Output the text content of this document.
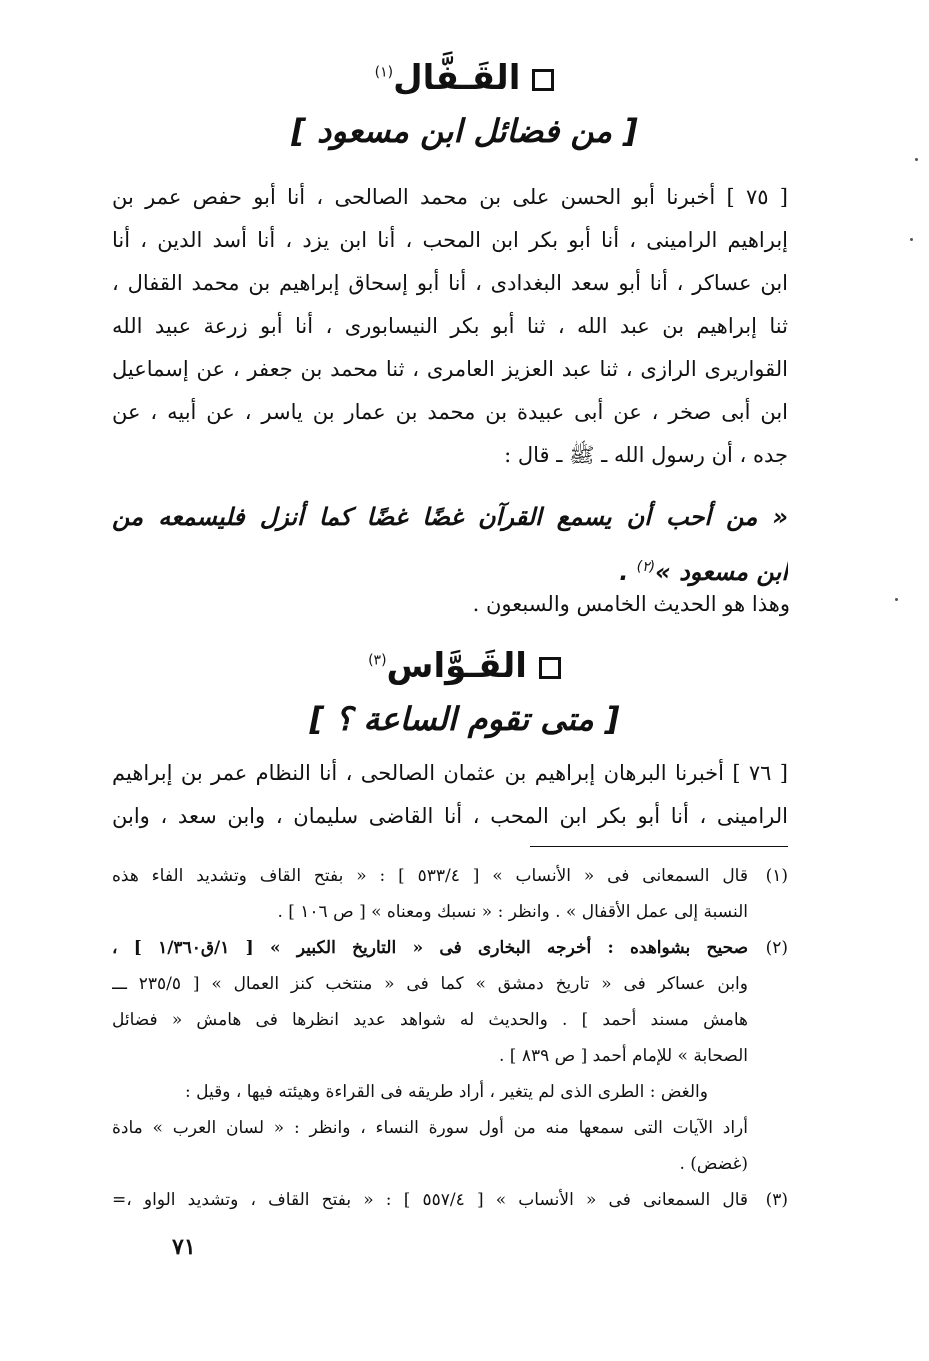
القَـفَّال$^{(١)}$
[ من فضائل ابن مسعود ]
[ ٧٥ ] أخبرنا أبو الحسن على بن محمد الصالحى ، أنا أبو حفص عمر بن
إبراهيم الرامينى ، أنا أبو بكر ابن المحب ، أنا ابن يزد ، أنا أسد الدين ، أنا
ابن عساكر ، أنا أبو سعد البغدادى ، أنا أبو إسحاق إبراهيم بن محمد القفال ،
ثنا إبراهيم بن عبد الله ، ثنا أبو بكر النيسابورى ، أنا أبو زرعة عبيد الله
القواريرى الرازى ، ثنا عبد العزيز العامرى ، ثنا محمد بن جعفر ، عن إسماعيل
ابن أبى صخر ، عن أبى عبيدة بن محمد بن عمار بن ياسر ، عن أبيه ، عن
جده ، أن رسول الله ـ ﷺ ـ قال :
« من أحب أن يسمع القرآن غضًا غضًا كما أنزل فليسمعه من
ابن مسعود »$^{(٢)}$ .
وهذا هو الحديث الخامس والسبعون .
القَـوَّاس$^{(٣)}$
[ متى تقوم الساعة ؟ ]
[ ٧٦ ] أخبرنا البرهان إبراهيم بن عثمان الصالحى ، أنا النظام عمر بن إبراهيم
الرامينى ، أنا أبو بكر ابن المحب ، أنا القاضى سليمان ، وابن سعد ، وابن
(١)قال السمعانى فى « الأنساب » [ ٥٣٣/٤ ] : « بفتح القاف وتشديد الفاء هذه
النسبة إلى عمل الأقفال » . وانظر : « نسبك ومعناه » [ ص ١٠٦ ] .
(٢)صحيح بشواهده : أخرجه البخارى فى « التاريخ الكبير » [ ١/ق١/٣٦٠ ] ،
وابن عساكر فى « تاريخ دمشق » كما فى « منتخب كنز العمال » [ ٢٣٥/٥ ـــ
هامش مسند أحمد ] . والحديث له شواهد عديد انظرها فى هامش « فضائل
الصحابة » للإمام أحمد [ ص ٨٣٩ ] .
والغض : الطرى الذى لم يتغير ، أراد طريقه فى القراءة وهيئته فيها ، وقيل :
أراد الآيات التى سمعها منه من أول سورة النساء ، وانظر : « لسان العرب » مادة
(غضض) .
(٣)قال السمعانى فى « الأنساب » [ ٥٥٧/٤ ] : « بفتح القاف ، وتشديد الواو ،=
٧١
